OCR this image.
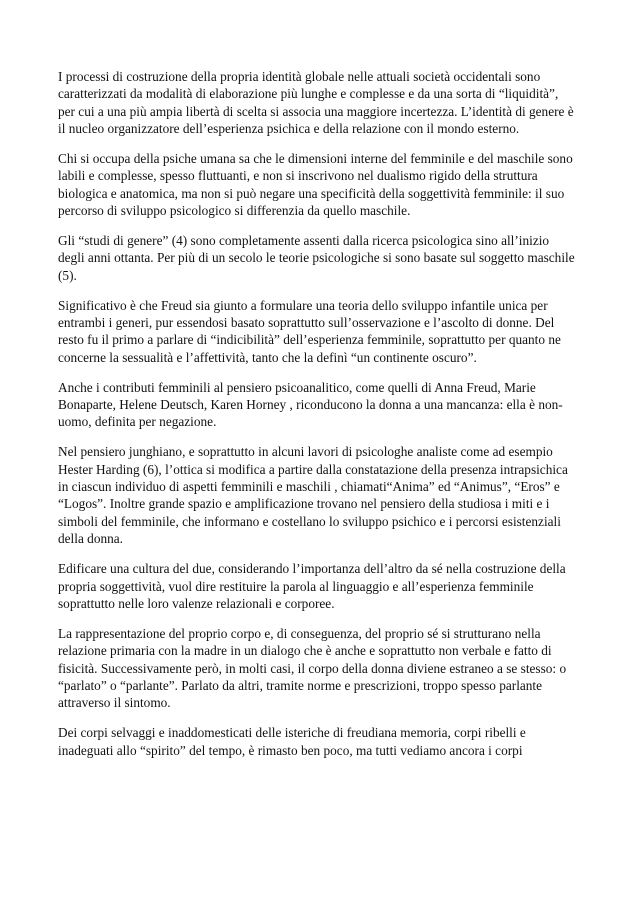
I processi di costruzione della propria identità globale nelle attuali società occidentali sono caratterizzati da modalità di elaborazione più lunghe e complesse e da una sorta di “liquidità”, per cui a una più ampia libertà di scelta si associa una maggiore incertezza. L’identità di genere è il nucleo organizzatore dell’esperienza psichica e della relazione con il mondo esterno.

Chi si occupa della psiche umana sa che le dimensioni interne del femminile e del maschile sono labili e complesse, spesso fluttuanti, e non si inscrivono nel dualismo rigido della struttura biologica e anatomica, ma non si può negare una specificità della soggettività femminile: il suo percorso di sviluppo psicologico si differenzia da quello maschile.

Gli “studi di genere” (4) sono completamente assenti dalla ricerca psicologica sino all’inizio degli anni ottanta. Per più di un secolo le teorie psicologiche si sono basate sul soggetto maschile (5).

Significativo è che Freud sia giunto a formulare una teoria dello sviluppo infantile unica per entrambi i generi, pur essendosi basato soprattutto sull’osservazione e l’ascolto di donne. Del resto fu il primo a parlare di “indicibilità” dell’esperienza femminile, soprattutto per quanto ne concerne la sessualità e l’affettività, tanto che la definì “un continente oscuro”.

Anche i contributi femminili al pensiero psicoanalitico, come quelli di Anna Freud, Marie Bonaparte, Helene Deutsch, Karen Horney , riconducono la donna a una mancanza: ella è non-uomo, definita per negazione.

Nel pensiero junghiano, e soprattutto in alcuni lavori di psicologhe analiste come ad esempio Hester Harding (6), l’ottica si modifica a partire dalla constatazione della presenza intrapsichica in ciascun individuo di aspetti femminili e maschili , chiamati“Anima” ed “Animus”, “Eros” e “Logos”. Inoltre grande spazio e amplificazione trovano nel pensiero della studiosa i miti e i simboli del femminile, che informano e costellano lo sviluppo psichico e i percorsi esistenziali della donna.

Edificare una cultura del due, considerando l’importanza dell’altro da sé nella costruzione della propria soggettività, vuol dire restituire la parola al linguaggio e all’esperienza femminile soprattutto nelle loro valenze relazionali e corporee.

La rappresentazione del proprio corpo e, di conseguenza, del proprio sé si strutturano nella relazione primaria con la madre in un dialogo che è anche e soprattutto non verbale e fatto di fisicità. Successivamente però, in molti casi, il corpo della donna diviene estraneo a se stesso: o “parlato” o “parlante”. Parlato da altri, tramite norme e prescrizioni, troppo spesso parlante attraverso il sintomo.

Dei corpi selvaggi e inaddomesticati delle isteriche di freudiana memoria, corpi ribelli e inadeguati allo “spirito” del tempo, è rimasto ben poco, ma tutti vediamo ancora i corpi
